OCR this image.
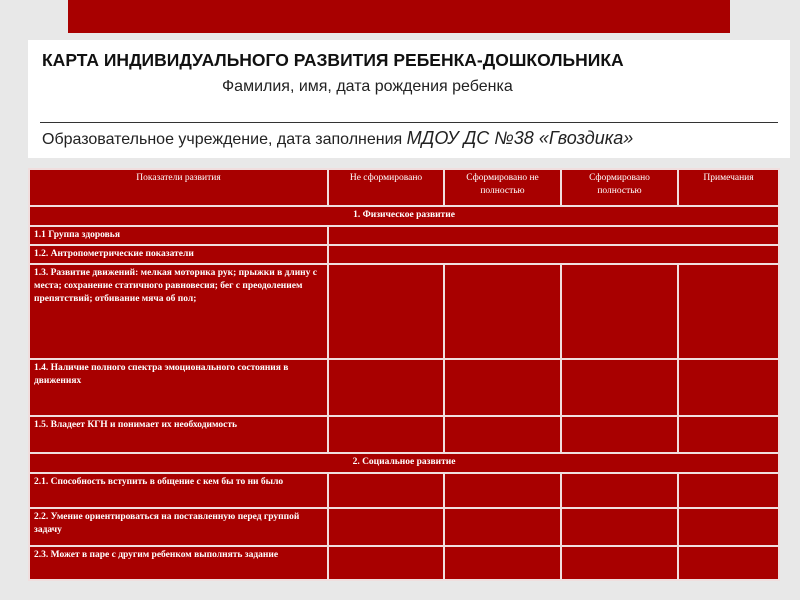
КАРТА ИНДИВИДУАЛЬНОГО РАЗВИТИЯ РЕБЕНКА-ДОШКОЛЬНИКА
Фамилия, имя, дата рождения ребенка
Образовательное учреждение, дата заполнения МДОУ ДС №38 «Гвоздика»
Показатели развития	Не сформировано	Сформировано не полностью	Сформировано полностью	Примечания
1. Физическое развитие				
1.1 Группа здоровья				
1.2. Антропометрические показатели				
1.3. Развитие движений: мелкая моторика рук; прыжки в длину с места; сохранение статичного равновесия; бег с преодолением препятствий; отбивание мяча об пол;				
1.4. Наличие полного спектра эмоционального состояния в движениях				
1.5. Владеет КГН и понимает их необходимость				
2. Социальное развитие				
2.1. Способность вступить в общение с кем бы то ни было				
2.2. Умение ориентироваться на поставленную перед группой задачу				
2.3. Может в паре с другим ребенком выполнять задание				
